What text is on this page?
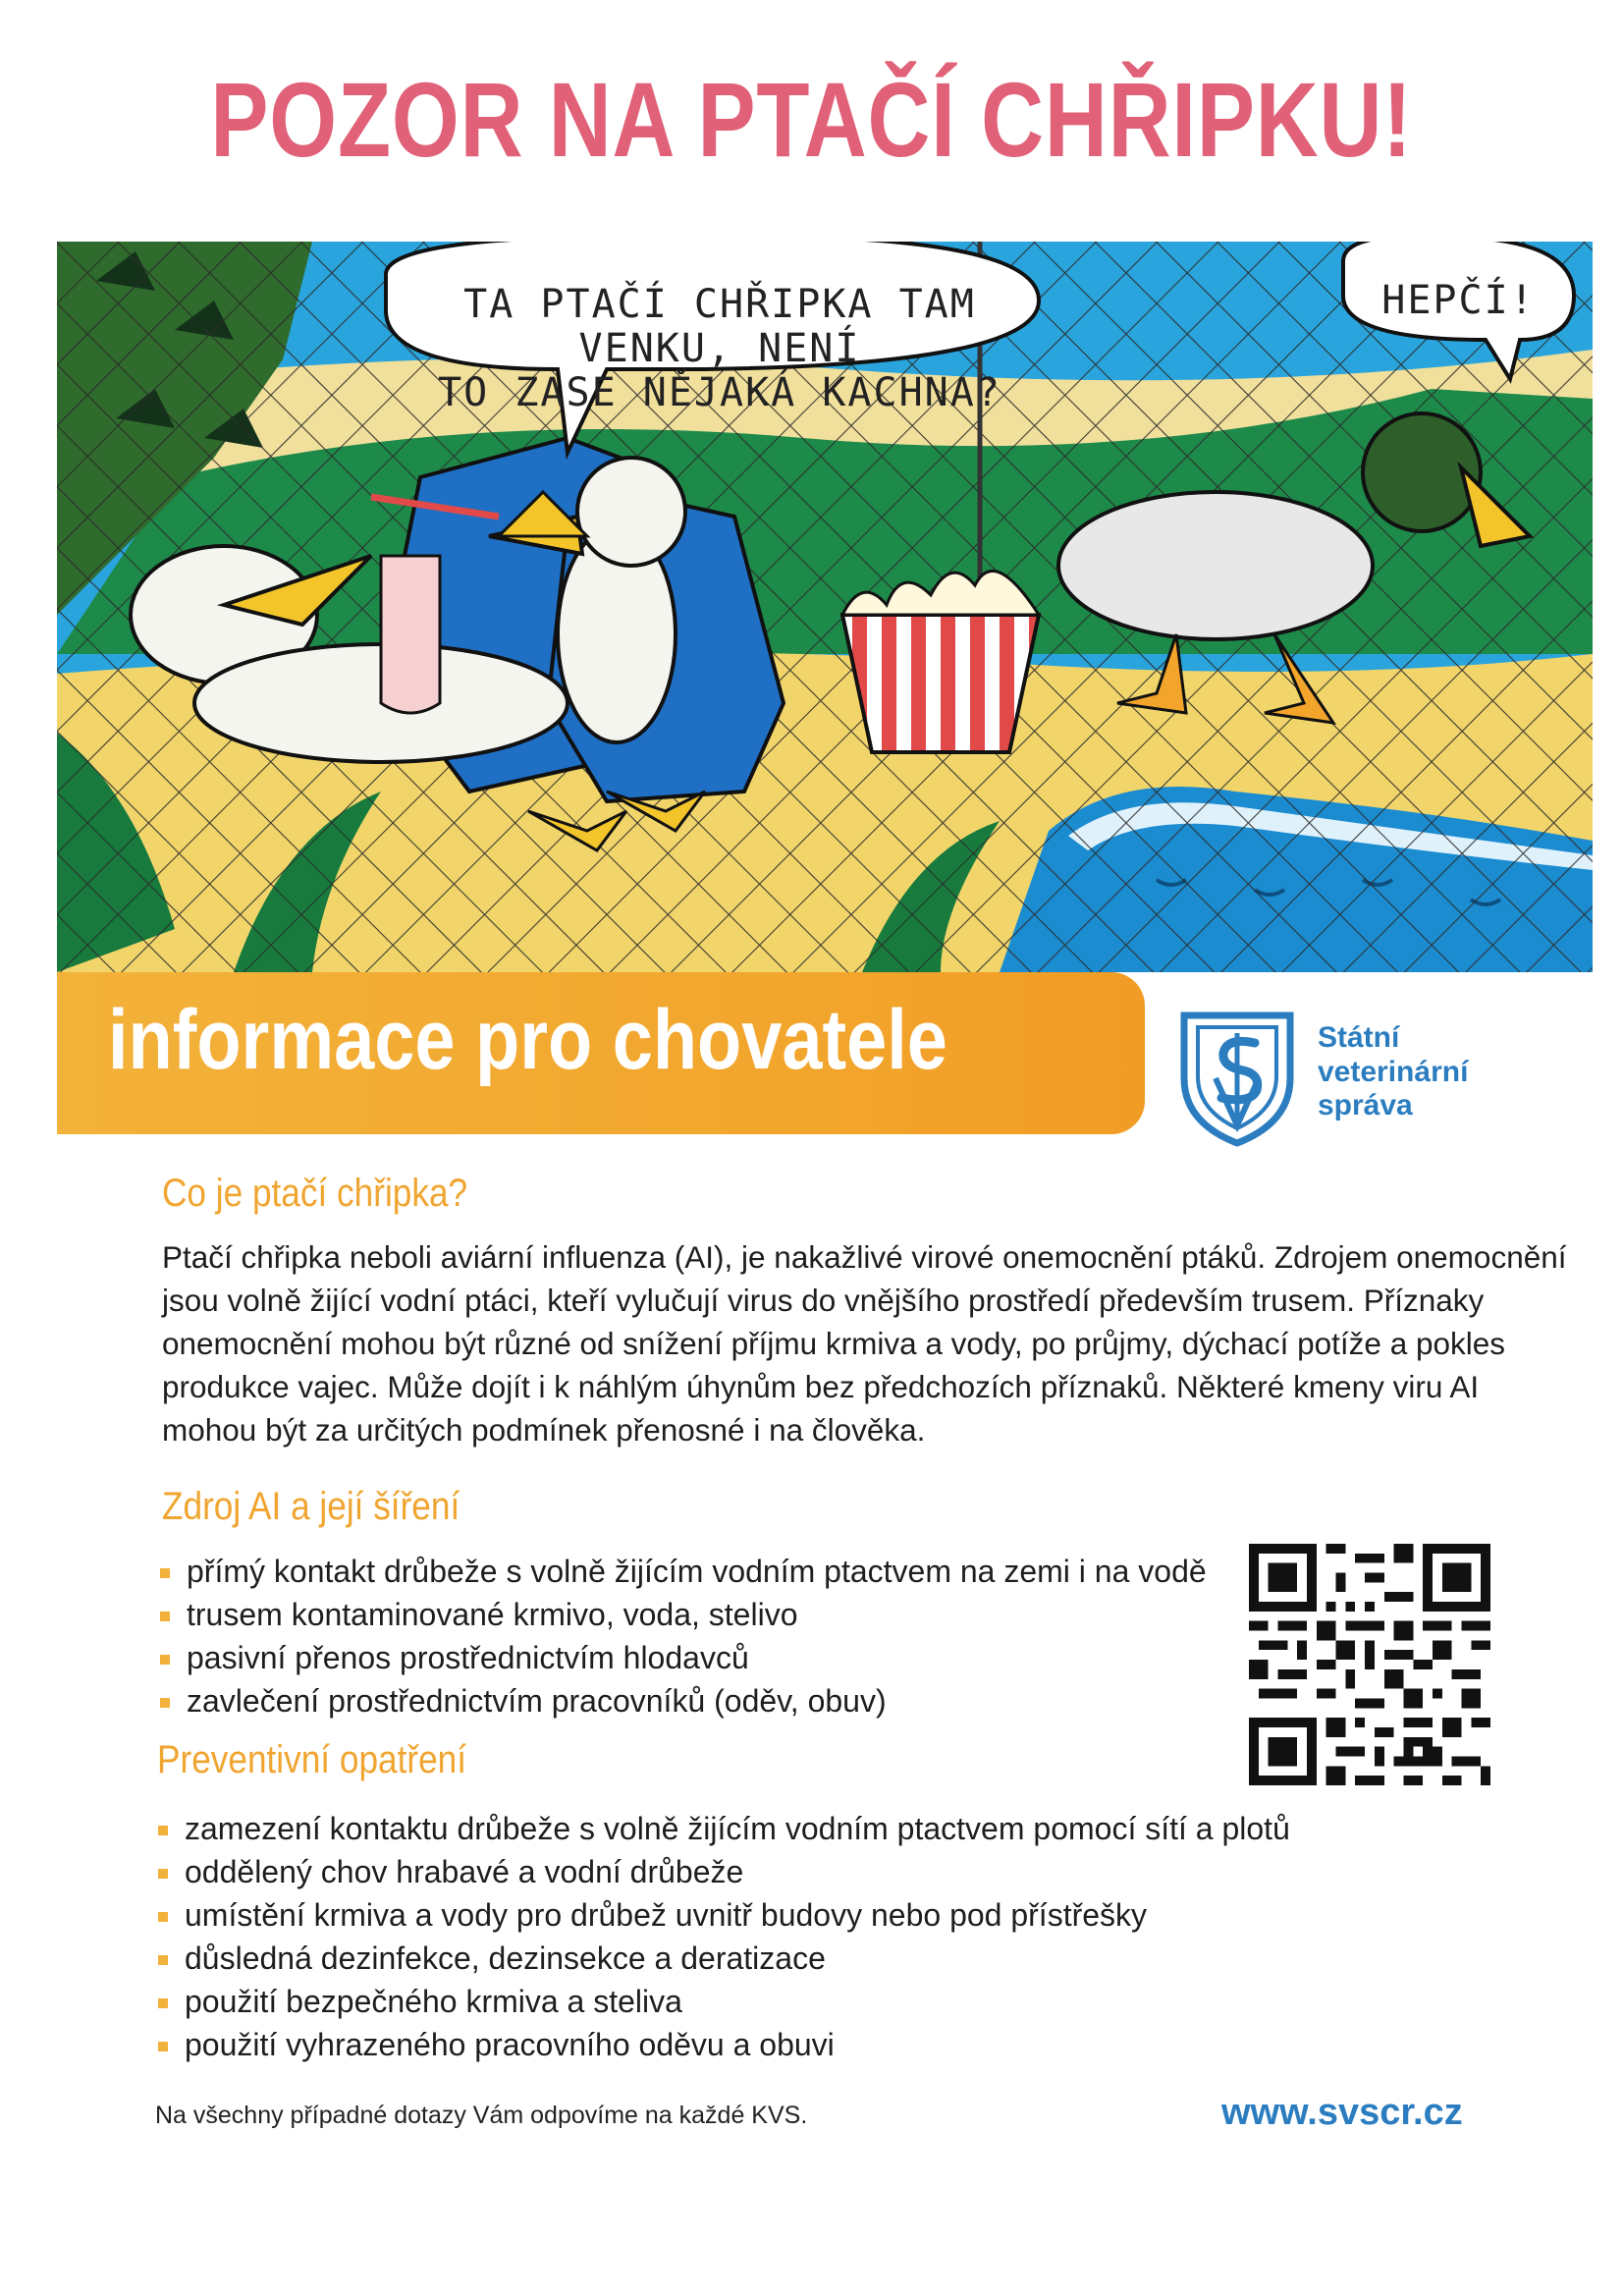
POZOR NA PTAČÍ CHŘIPKU!
TA PTAČÍ CHŘIPKA TAM VENKU, NENÍ
TO ZASE NĚJAKÁ KACHNA?
HEPČÍ!
informace pro chovatele	Státní
veterinární
správa
Co je ptačí chřipka?
Ptačí chřipka neboli aviární influenza (AI), je nakažlivé virové onemocnění ptáků. Zdrojem onemocnění
jsou volně žijící vodní ptáci, kteří vylučují virus do vnějšího prostředí především trusem. Příznaky
onemocnění mohou být různé od snížení příjmu krmiva a vody, po průjmy, dýchací potíže a pokles
produkce vajec. Může dojít i k náhlým úhynům bez předchozích příznaků. Některé kmeny viru AI
mohou být za určitých podmínek přenosné i na člověka.
Zdroj AI a její šíření
přímý kontakt drůbeže s volně žijícím vodním ptactvem na zemi i na vodě
trusem kontaminované krmivo, voda, stelivo
pasivní přenos prostřednictvím hlodavců
zavlečení prostřednictvím pracovníků (oděv, obuv)
Preventivní opatření
zamezení kontaktu drůbeže s volně žijícím vodním ptactvem pomocí sítí a plotů
oddělený chov hrabavé a vodní drůbeže
umístění krmiva a vody pro drůbež uvnitř budovy nebo pod přístřešky
důsledná dezinfekce, dezinsekce a deratizace
použití bezpečného krmiva a steliva
použití vyhrazeného pracovního oděvu a obuvi
Na všechny případné dotazy Vám odpovíme na každé KVS.	www.svscr.cz
